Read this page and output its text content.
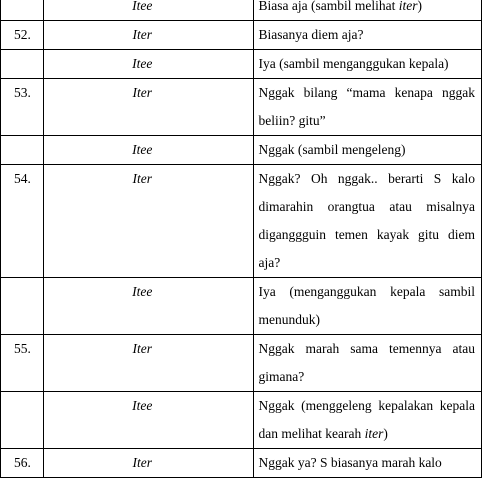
	Itee	Biasa aja (sambil melihat iter)
52.	Iter	Biasanya diem aja?
	Itee	Iya (sambil menganggukan kepala)
53.	Iter	Nggak bilang “mama kenapa nggak beliin? gitu”
	Itee	Nggak (sambil mengeleng)
54.	Iter	Nggak? Oh nggak.. berarti S kalo dimarahin orangtua atau misalnya diganggguin temen kayak gitu diem aja?
	Itee	Iya (menganggukan kepala sambil menunduk)
55.	Iter	Nggak marah sama temennya atau gimana?
	Itee	Nggak (menggeleng kepalakan kepala dan melihat kearah iter)
56.	Iter	Nggak ya? S biasanya marah kalo
